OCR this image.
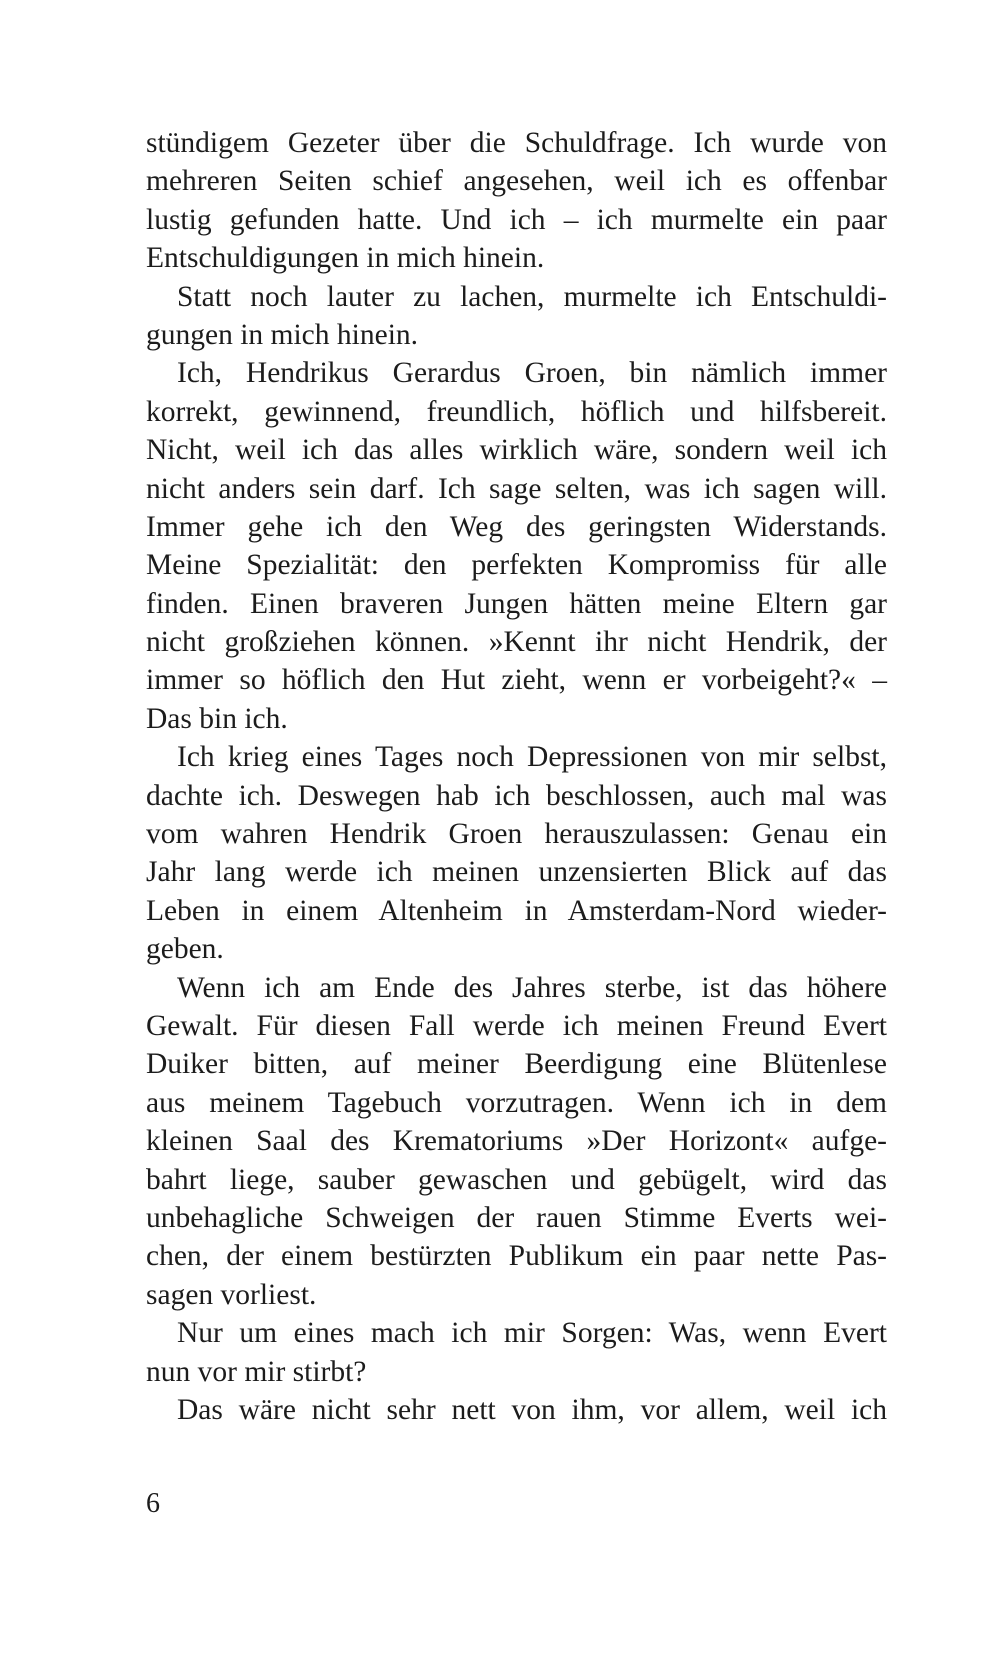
stündigem Gezeter über die Schuldfrage. Ich wurde von
mehreren Seiten schief angesehen, weil ich es offenbar
lustig gefunden hatte. Und ich – ich murmelte ein paar
Entschuldigungen in mich hinein.

Statt noch lauter zu lachen, murmelte ich Entschuldi-
gungen in mich hinein.

Ich, Hendrikus Gerardus Groen, bin nämlich immer
korrekt, gewinnend, freundlich, höflich und hilfsbereit.
Nicht, weil ich das alles wirklich wäre, sondern weil ich
nicht anders sein darf. Ich sage selten, was ich sagen will.
Immer gehe ich den Weg des geringsten Widerstands.
Meine Spezialität: den perfekten Kompromiss für alle
finden. Einen braveren Jungen hätten meine Eltern gar
nicht großziehen können. »Kennt ihr nicht Hendrik, der
immer so höflich den Hut zieht, wenn er vorbeigeht?« –
Das bin ich.

Ich krieg eines Tages noch Depressionen von mir selbst,
dachte ich. Deswegen hab ich beschlossen, auch mal was
vom wahren Hendrik Groen herauszulassen: Genau ein
Jahr lang werde ich meinen unzensierten Blick auf das
Leben in einem Altenheim in Amsterdam-Nord wieder-
geben.

Wenn ich am Ende des Jahres sterbe, ist das höhere
Gewalt. Für diesen Fall werde ich meinen Freund Evert
Duiker bitten, auf meiner Beerdigung eine Blütenlese
aus meinem Tagebuch vorzutragen. Wenn ich in dem
kleinen Saal des Krematoriums »Der Horizont« aufge-
bahrt liege, sauber gewaschen und gebügelt, wird das
unbehagliche Schweigen der rauen Stimme Everts wei-
chen, der einem bestürzten Publikum ein paar nette Pas-
sagen vorliest.

Nur um eines mach ich mir Sorgen: Was, wenn Evert
nun vor mir stirbt?

Das wäre nicht sehr nett von ihm, vor allem, weil ich

6
